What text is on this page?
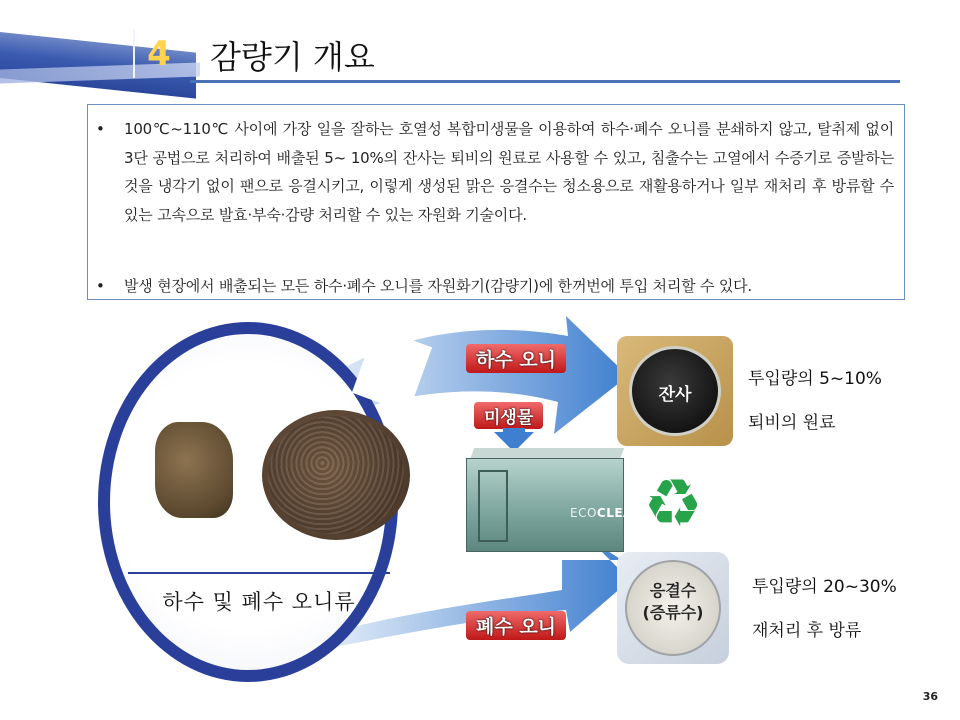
4	감량기 개요
• 100℃~110℃ 사이에 가장 일을 잘하는 호열성 복합미생물을 이용하여 하수·폐수 오니를 분쇄하지 않고, 탈취제 없이 3단 공법으로 처리하여 배출된 5~ 10%의 잔사는 퇴비의 원료로 사용할 수 있고, 침출수는 고열에서 수증기로 증발하는 것을 냉각기 없이 팬으로 응결시키고, 이렇게 생성된 맑은 응결수는 청소용으로 재활용하거나 일부 재처리 후 방류할 수 있는 고속으로 발효·부숙·감량 처리할 수 있는 자원화 기술이다.
• 발생 현장에서 배출되는 모든 하수·폐수 오니를 자원화기(감량기)에 한꺼번에 투입 처리할 수 있다.
하수 및 폐수 오니류
하수 오니
미생물
폐수 오니
ECOCLEAN ♻
잔사
투입량의 5~10%
퇴비의 원료
응결수
(증류수)
투입량의 20~30%
재처리 후 방류
36
